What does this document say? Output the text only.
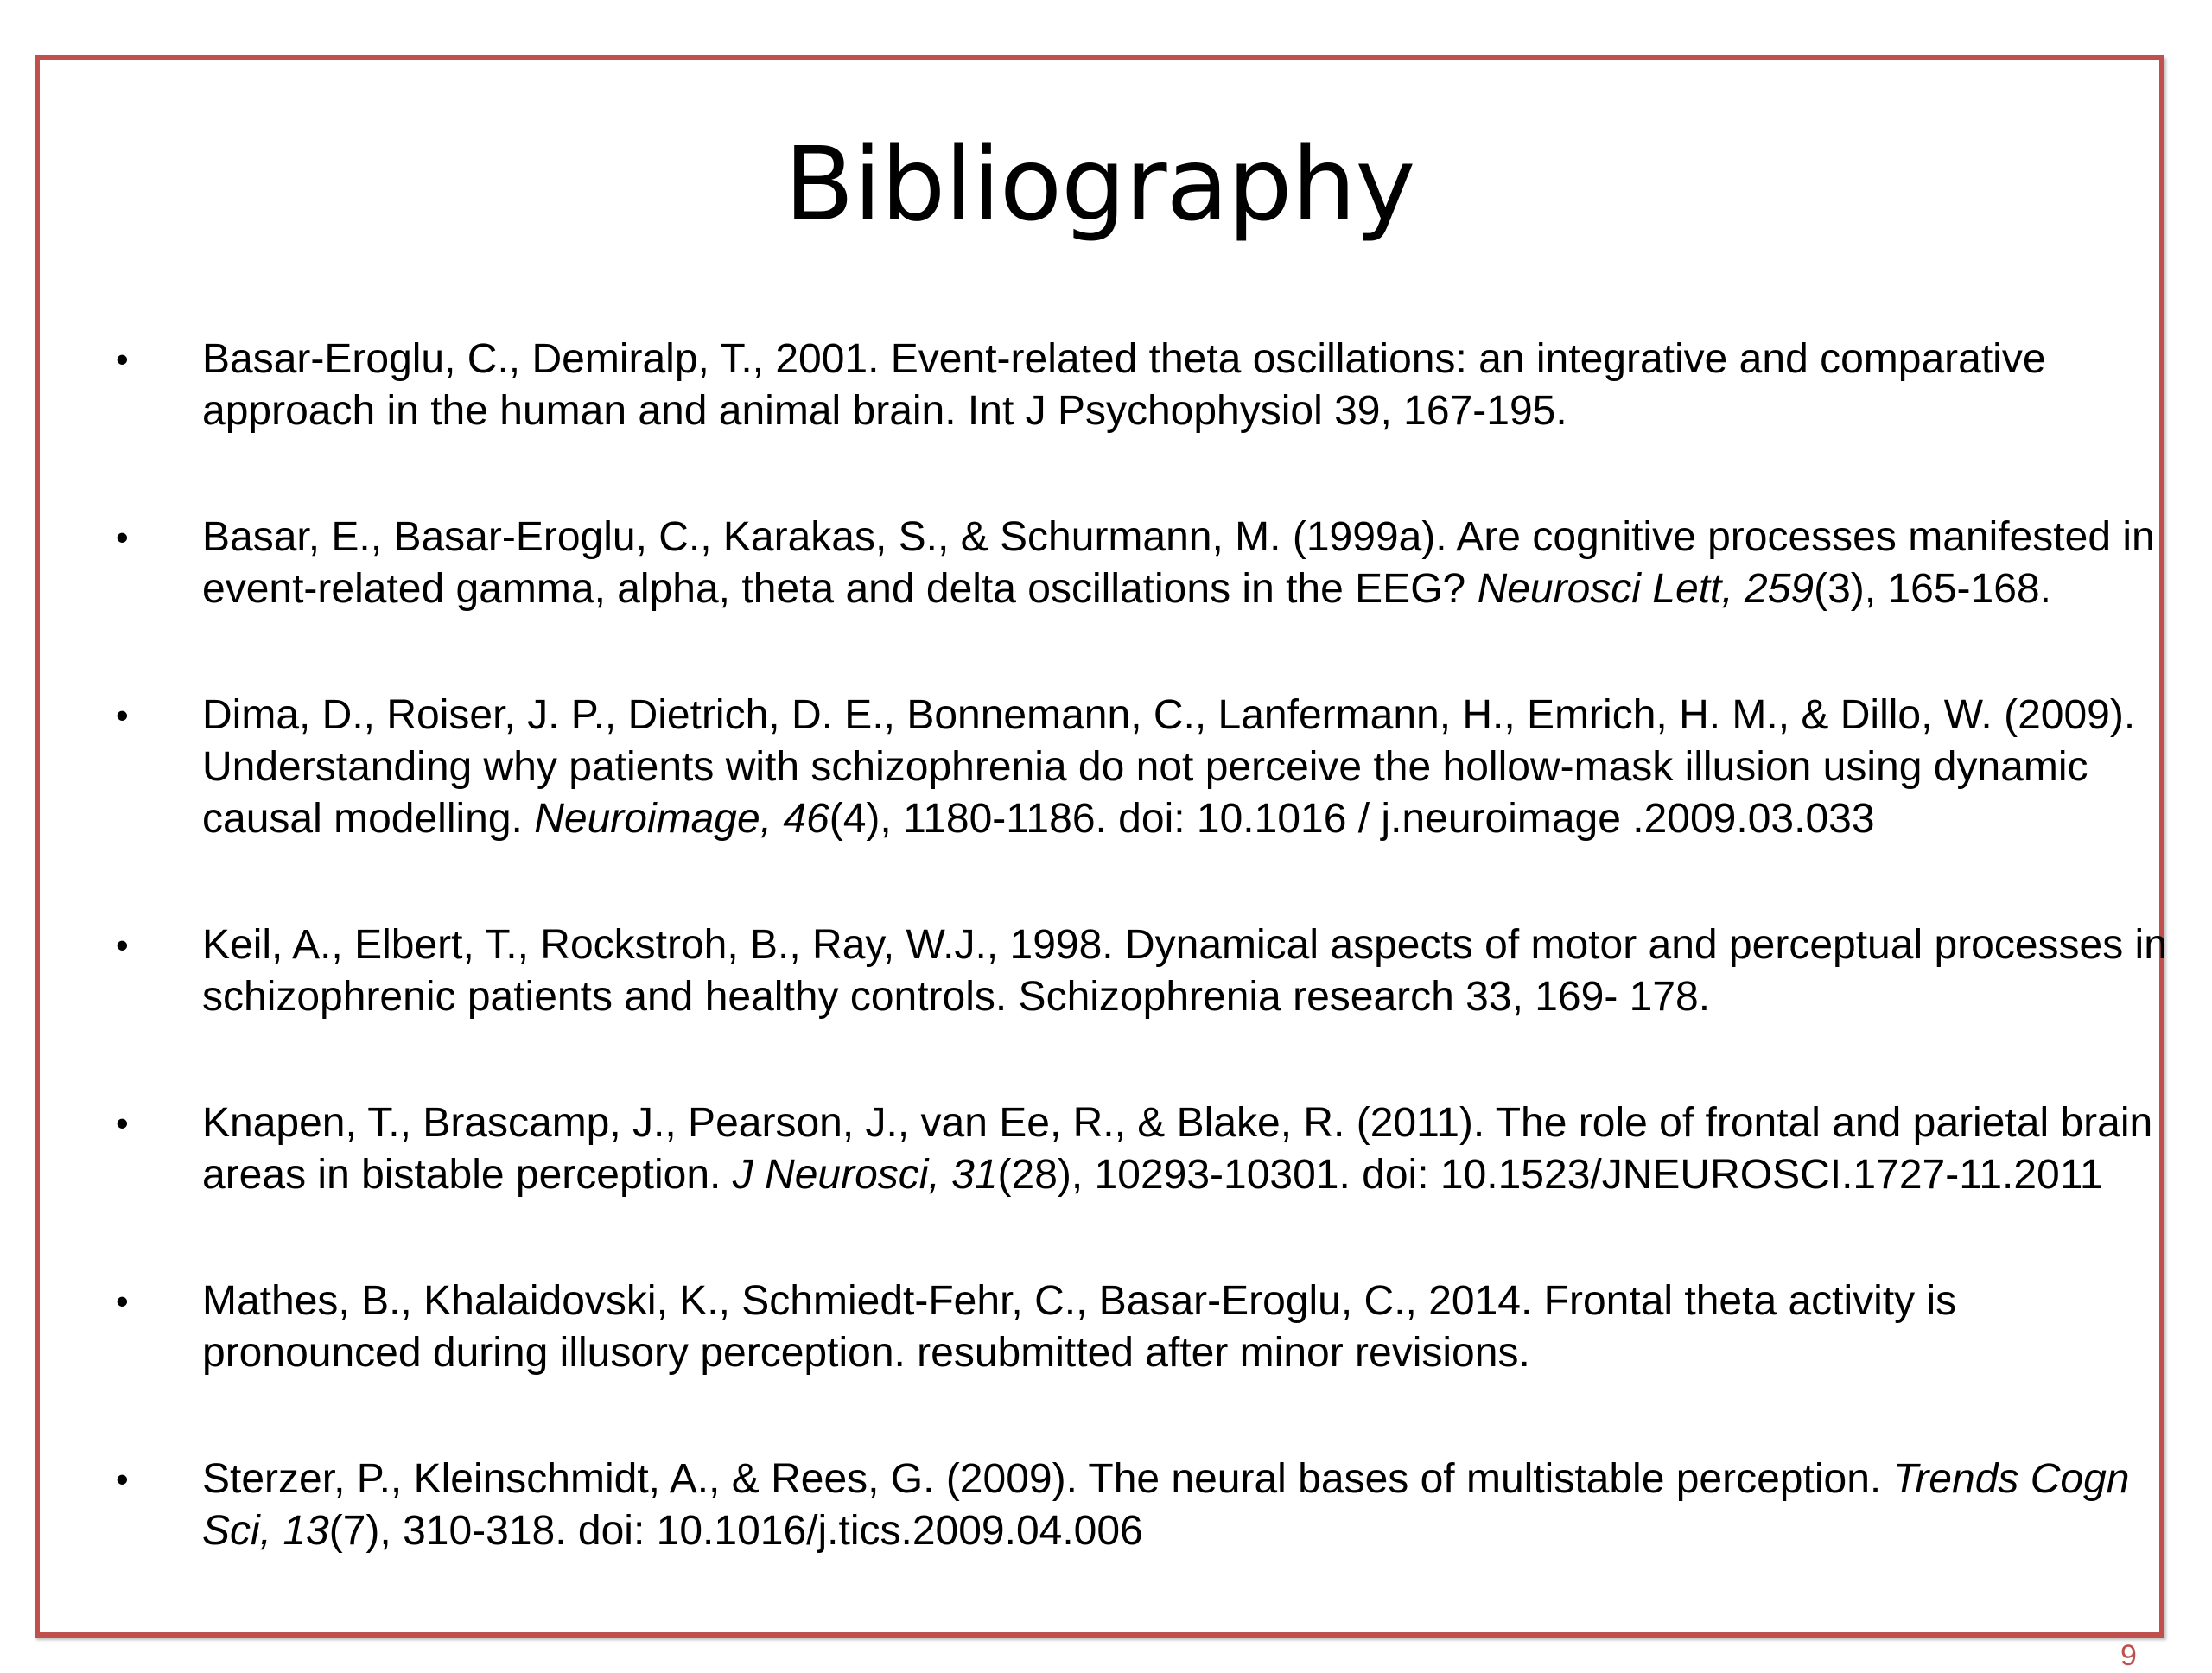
Bibliography
• Basar-Eroglu, C., Demiralp, T., 2001. Event-related theta oscillations: an integrative and comparative approach in the human and animal brain. Int J Psychophysiol 39, 167-195.
• Basar, E., Basar-Eroglu, C., Karakas, S., & Schurmann, M. (1999a). Are cognitive processes manifested in event-related gamma, alpha, theta and delta oscillations in the EEG? Neurosci Lett, 259(3), 165-168.
• Dima, D., Roiser, J. P., Dietrich, D. E., Bonnemann, C., Lanfermann, H., Emrich, H. M., & Dillo, W. (2009). Understanding why patients with schizophrenia do not perceive the hollow-mask illusion using dynamic causal modelling. Neuroimage, 46(4), 1180-1186. doi: 10.1016 / j.neuroimage .2009.03.033
• Keil, A., Elbert, T., Rockstroh, B., Ray, W.J., 1998. Dynamical aspects of motor and perceptual processes in schizophrenic patients and healthy controls. Schizophrenia research 33, 169- 178.
• Knapen, T., Brascamp, J., Pearson, J., van Ee, R., & Blake, R. (2011). The role of frontal and parietal brain areas in bistable perception. J Neurosci, 31(28), 10293-10301. doi: 10.1523/JNEUROSCI.1727-11.2011
• Mathes, B., Khalaidovski, K., Schmiedt-Fehr, C., Basar-Eroglu, C., 2014. Frontal theta activity is pronounced during illusory perception. resubmitted after minor revisions.
• Sterzer, P., Kleinschmidt, A., & Rees, G. (2009). The neural bases of multistable perception. Trends Cogn Sci, 13(7), 310-318. doi: 10.1016/j.tics.2009.04.006
9
